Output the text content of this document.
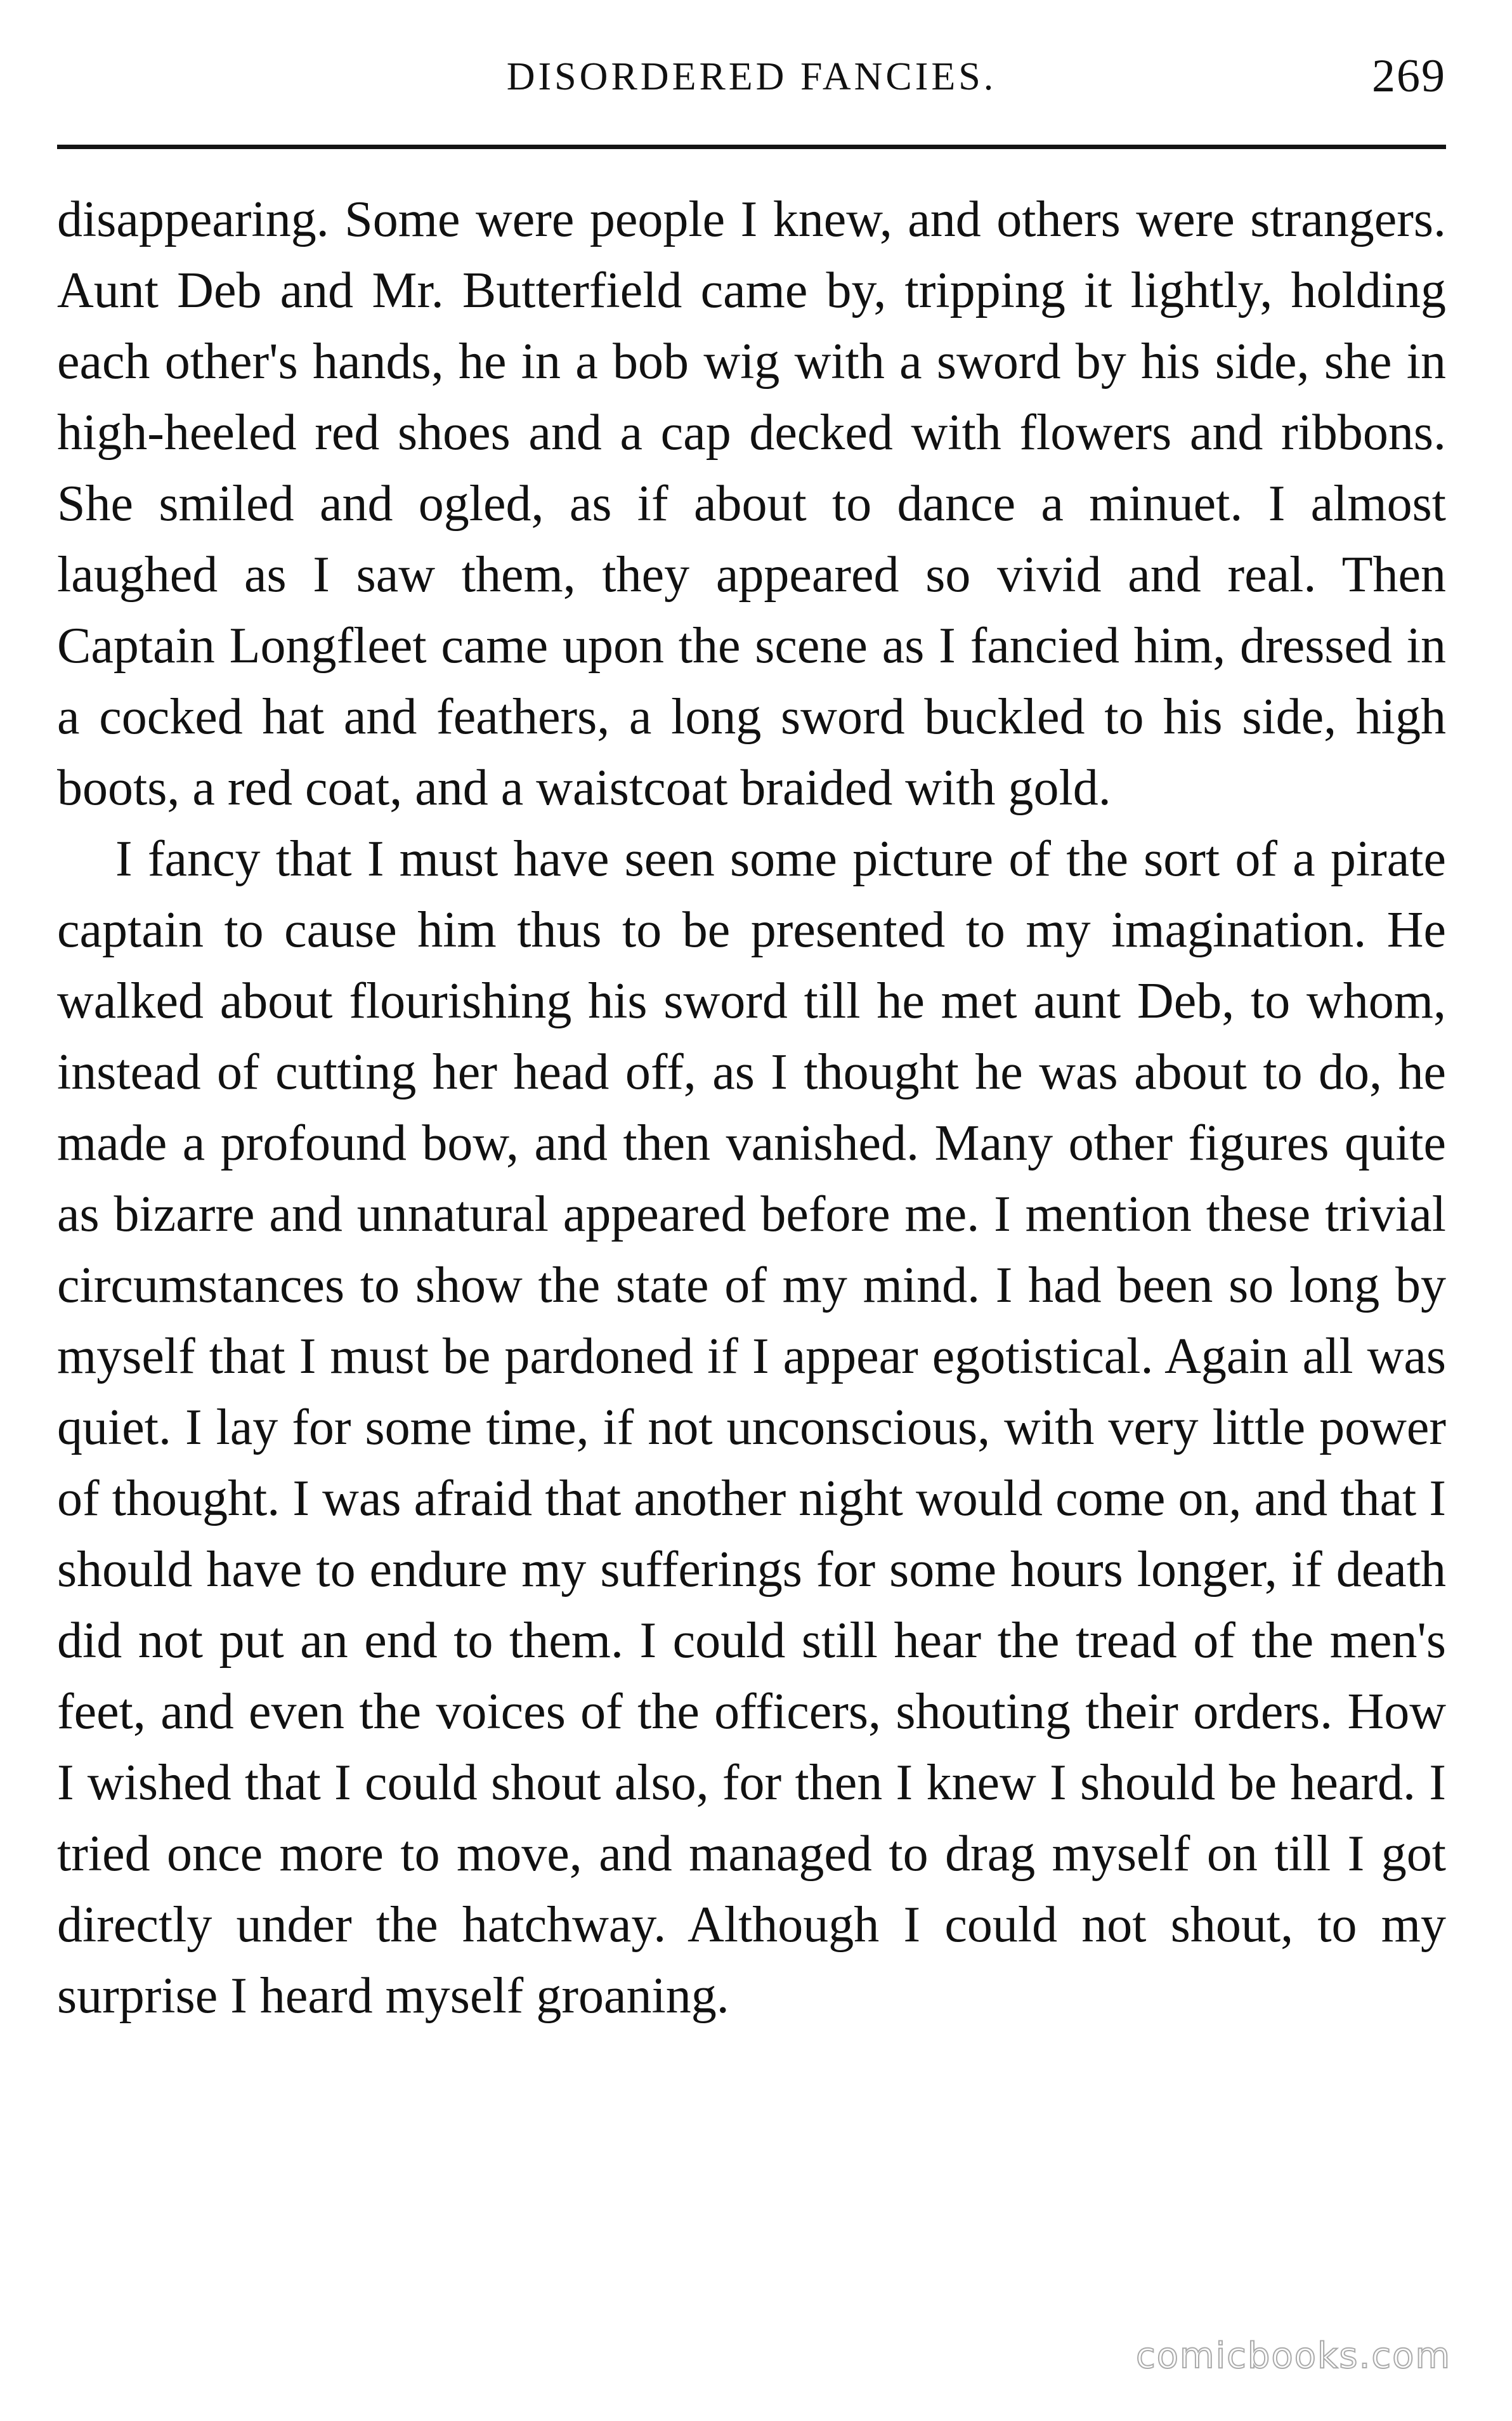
DISORDERED FANCIES.	269

disappearing. Some were people I knew, and others were strangers. Aunt Deb and Mr. Butterfield came by, tripping it lightly, holding each other's hands, he in a bob wig with a sword by his side, she in high-heeled red shoes and a cap decked with flowers and ribbons. She smiled and ogled, as if about to dance a minuet. I almost laughed as I saw them, they appeared so vivid and real. Then Captain Longfleet came upon the scene as I fancied him, dressed in a cocked hat and feathers, a long sword buckled to his side, high boots, a red coat, and a waistcoat braided with gold.

I fancy that I must have seen some picture of the sort of a pirate captain to cause him thus to be presented to my imagination. He walked about flourishing his sword till he met aunt Deb, to whom, instead of cutting her head off, as I thought he was about to do, he made a profound bow, and then vanished. Many other figures quite as bizarre and unnatural appeared before me. I mention these trivial circumstances to show the state of my mind. I had been so long by myself that I must be pardoned if I appear egotistical. Again all was quiet. I lay for some time, if not unconscious, with very little power of thought. I was afraid that another night would come on, and that I should have to endure my sufferings for some hours longer, if death did not put an end to them. I could still hear the tread of the men's feet, and even the voices of the officers, shouting their orders. How I wished that I could shout also, for then I knew I should be heard. I tried once more to move, and managed to drag myself on till I got directly under the hatchway. Although I could not shout, to my surprise I heard myself groaning.

comicbooks.com
